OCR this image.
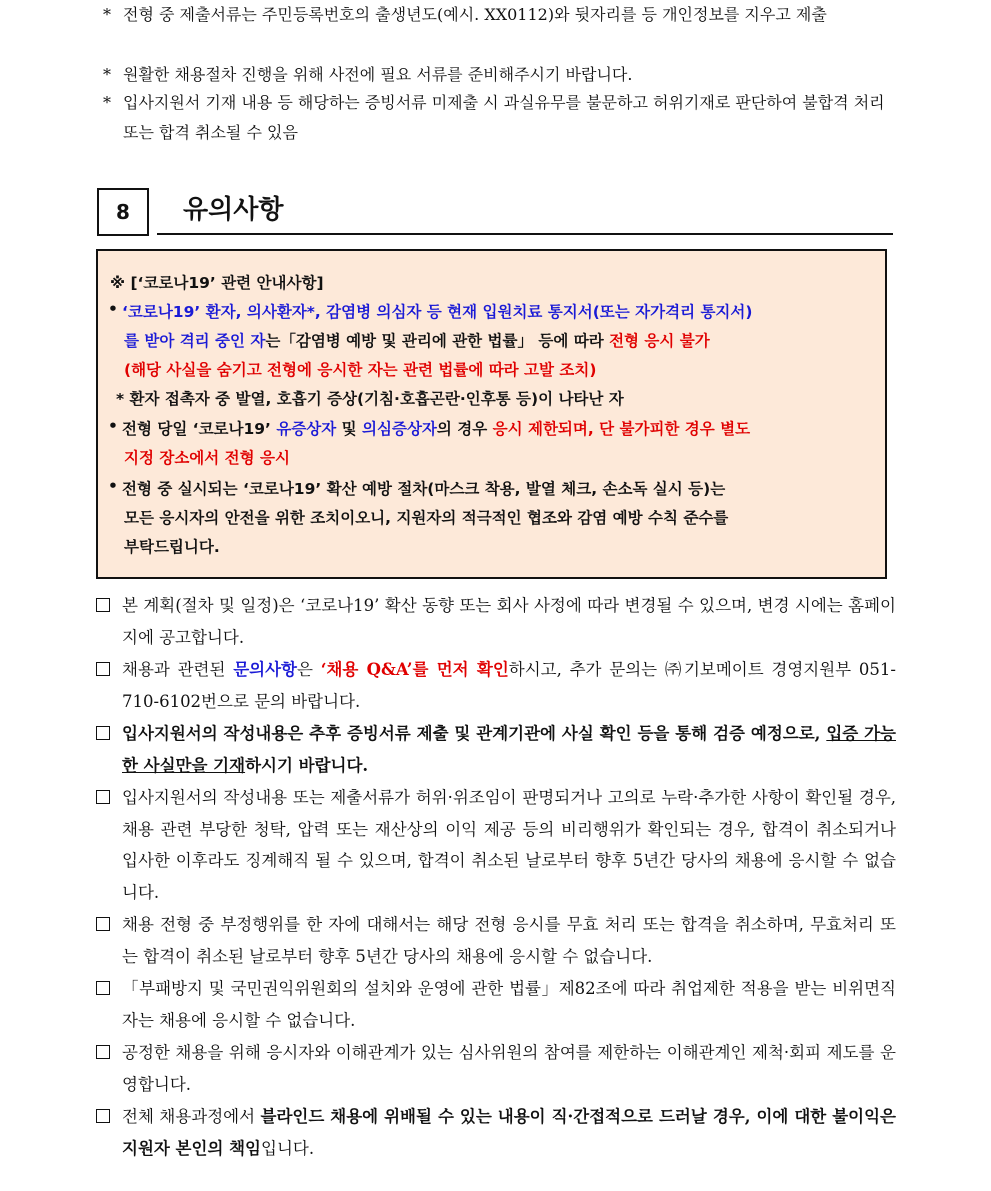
* 전형 중 제출서류는 주민등록번호의 출생년도(예시. XX0112)와 뒷자리를 등 개인정보를 지우고 제출
* 원활한 채용절차 진행을 위해 사전에 필요 서류를 준비해주시기 바랍니다.
* 입사지원서 기재 내용 등 해당하는 증빙서류 미제출 시 과실유무를 불문하고 허위기재로 판단하여 불합격 처리 또는 합격 취소될 수 있음
8	유의사항
※ [‘코로나19’ 관련 안내사항]
• ‘코로나19’ 환자, 의사환자*, 감염병 의심자 등 현재 입원치료 통지서(또는 자가격리 통지서)
를 받아 격리 중인 자는「감염병 예방 및 관리에 관한 법률」 등에 따라 전형 응시 불가
(해당 사실을 숨기고 전형에 응시한 자는 관련 법률에 따라 고발 조치)
* 환자 접촉자 중 발열, 호흡기 증상(기침·호흡곤란·인후통 등)이 나타난 자
• 전형 당일 ‘코로나19’ 유증상자 및 의심증상자의 경우 응시 제한되며, 단 불가피한 경우 별도
지정 장소에서 전형 응시
• 전형 중 실시되는 ‘코로나19’ 확산 예방 절차(마스크 착용, 발열 체크, 손소독 실시 등)는
모든 응시자의 안전을 위한 조치이오니, 지원자의 적극적인 협조와 감염 예방 수칙 준수를
부탁드립니다.
본 계획(절차 및 일정)은 ‘코로나19’ 확산 동향 또는 회사 사정에 따라 변경될 수 있으며, 변경 시에는 홈페이지에 공고합니다.
채용과 관련된 문의사항은 ‘채용 Q&A’를 먼저 확인하시고, 추가 문의는 ㈜기보메이트 경영지원부 051-710-6102번으로 문의 바랍니다.
입사지원서의 작성내용은 추후 증빙서류 제출 및 관계기관에 사실 확인 등을 통해 검증 예정으로, 입증 가능한 사실만을 기재하시기 바랍니다.
입사지원서의 작성내용 또는 제출서류가 허위·위조임이 판명되거나 고의로 누락·추가한 사항이 확인될 경우, 채용 관련 부당한 청탁, 압력 또는 재산상의 이익 제공 등의 비리행위가 확인되는 경우, 합격이 취소되거나 입사한 이후라도 징계해직 될 수 있으며, 합격이 취소된 날로부터 향후 5년간 당사의 채용에 응시할 수 없습니다.
채용 전형 중 부정행위를 한 자에 대해서는 해당 전형 응시를 무효 처리 또는 합격을 취소하며, 무효처리 또는 합격이 취소된 날로부터 향후 5년간 당사의 채용에 응시할 수 없습니다.
「부패방지 및 국민권익위원회의 설치와 운영에 관한 법률」제82조에 따라 취업제한 적용을 받는 비위면직자는 채용에 응시할 수 없습니다.
공정한 채용을 위해 응시자와 이해관계가 있는 심사위원의 참여를 제한하는 이해관계인 제척·회피 제도를 운영합니다.
전체 채용과정에서 블라인드 채용에 위배될 수 있는 내용이 직·간접적으로 드러날 경우, 이에 대한 불이익은 지원자 본인의 책임입니다.
